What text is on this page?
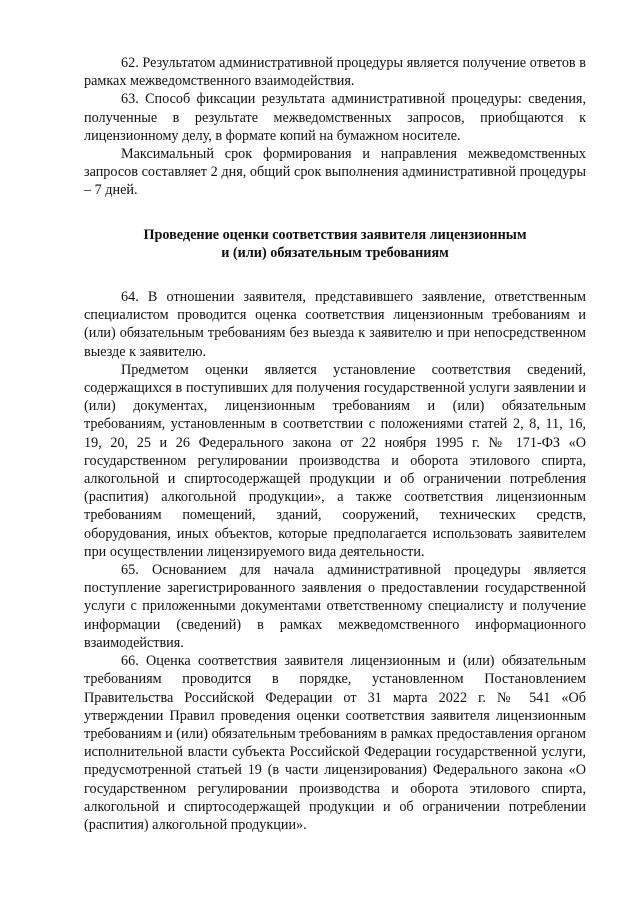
62. Результатом административной процедуры является получение ответов в рамках межведомственного взаимодействия.

63. Способ фиксации результата административной процедуры: сведения, полученные в результате межведомственных запросов, приобщаются к лицензионному делу, в формате копий на бумажном носителе.

Максимальный срок формирования и направления межведомственных запросов составляет 2 дня, общий срок выполнения административной процедуры – 7 дней.

Проведение оценки соответствия заявителя лицензионным
и (или) обязательным требованиям

64. В отношении заявителя, представившего заявление, ответственным специалистом проводится оценка соответствия лицензионным требованиям и (или) обязательным требованиям без выезда к заявителю и при непосредственном выезде к заявителю.

Предметом оценки является установление соответствия сведений, содержащихся в поступивших для получения государственной услуги заявлении и (или) документах, лицензионным требованиям и (или) обязательным требованиям, установленным в соответствии с положениями статей 2, 8, 11, 16, 19, 20, 25 и 26 Федерального закона от 22 ноября 1995 г. № 171-ФЗ «О государственном регулировании производства и оборота этилового спирта, алкогольной и спиртосодержащей продукции и об ограничении потребления (распития) алкогольной продукции», а также соответствия лицензионным требованиям помещений, зданий, сооружений, технических средств, оборудования, иных объектов, которые предполагается использовать заявителем при осуществлении лицензируемого вида деятельности.

65. Основанием для начала административной процедуры является поступление зарегистрированного заявления о предоставлении государственной услуги с приложенными документами ответственному специалисту и получение информации (сведений) в рамках межведомственного информационного взаимодействия.

66. Оценка соответствия заявителя лицензионным и (или) обязательным требованиям проводится в порядке, установленном Постановлением Правительства Российской Федерации от 31 марта 2022 г. № 541 «Об утверждении Правил проведения оценки соответствия заявителя лицензионным требованиям и (или) обязательным требованиям в рамках предоставления органом исполнительной власти субъекта Российской Федерации государственной услуги, предусмотренной статьей 19 (в части лицензирования) Федерального закона «О государственном регулировании производства и оборота этилового спирта, алкогольной и спиртосодержащей продукции и об ограничении потреблении (распития) алкогольной продукции».
